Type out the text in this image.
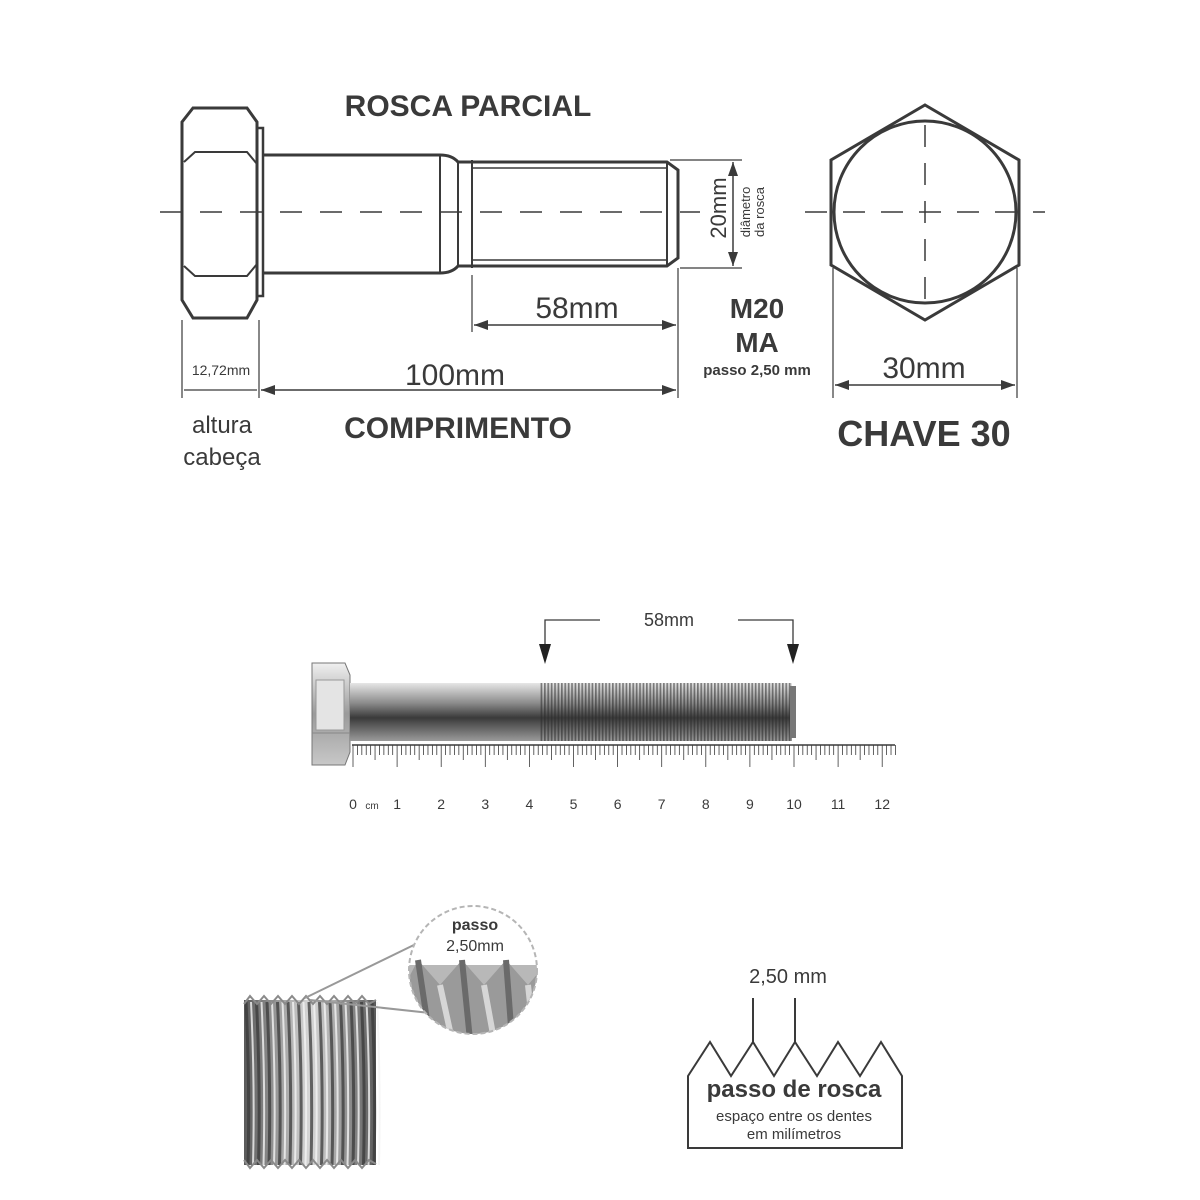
ROSCA PARCIAL
58mm
100mm
12,72mm
altura
cabeça
COMPRIMENTO
20mm diâmetro da rosca
M20
MA
passo 2,50 mm 30mm
CHAVE 30
58mm
0	1	2	3	4	5	6	7	8	9 10 11 12
cm
passo
2,50mm
2,50 mm
passo de rosca
espaço entre os dentes
em milímetros
